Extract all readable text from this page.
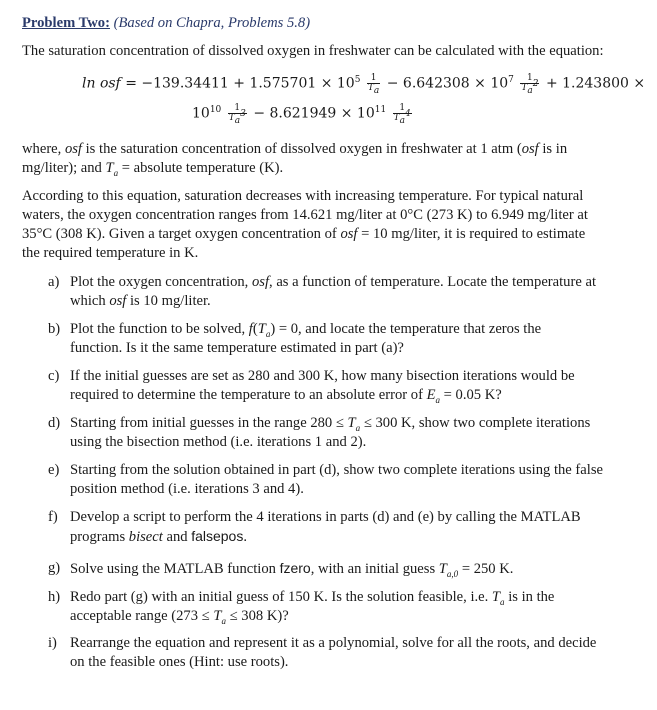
Problem Two: (Based on Chapra, Problems 5.8)
The saturation concentration of dissolved oxygen in freshwater can be calculated with the equation:
ln osf = $-139.34411 + 1.575701 \times 10^5 \frac{1}{Ta} - 6.642308 \times 10^7 \frac{1}{Ta2} + 1.243800$ ×
$10^{10} \frac{1}{Ta3} - 8.621949 \times 10^{11} \frac{1}{Ta4}$
where, osf is the saturation concentration of dissolved oxygen in freshwater at 1 atm (osf is in
mg/liter); and $T_a$ = absolute temperature (K).
According to this equation, saturation decreases with increasing temperature. For typical natural
waters, the oxygen concentration ranges from 14.621 mg/liter at 0°C (273 K) to 6.949 mg/liter at
35°C (308 K). Given a target oxygen concentration of osf = 10 mg/liter, it is required to estimate
the required temperature in K.
a) Plot the oxygen concentration, osf, as a function of temperature. Locate the temperature at
which osf is 10 mg/liter.
b) Plot the function to be solved, $f(T_a) = 0$, and locate the temperature that zeros the
function. Is it the same temperature estimated in part (a)?
c) If the initial guesses are set as 280 and 300 K, how many bisection iterations would be
required to determine the temperature to an absolute error of $E_a = 0.05$ K?
d) Starting from initial guesses in the range $280 \le T_a \le 300$ K, show two complete iterations
using the bisection method (i.e. iterations 1 and 2).
e) Starting from the solution obtained in part (d), show two complete iterations using the false
position method (i.e. iterations 3 and 4).
f) Develop a script to perform the 4 iterations in parts (d) and (e) by calling the MATLAB
programs bisect and falsepos.
g) Solve using the MATLAB function fzero, with an initial guess $T_{a,0} = 250$ K.
h) Redo part (g) with an initial guess of 150 K. Is the solution feasible, i.e. $T_a$ is in the
acceptable range ($273 \le T_a \le 308$ K)?
i) Rearrange the equation and represent it as a polynomial, solve for all the roots, and decide
on the feasible ones (Hint: use roots).
